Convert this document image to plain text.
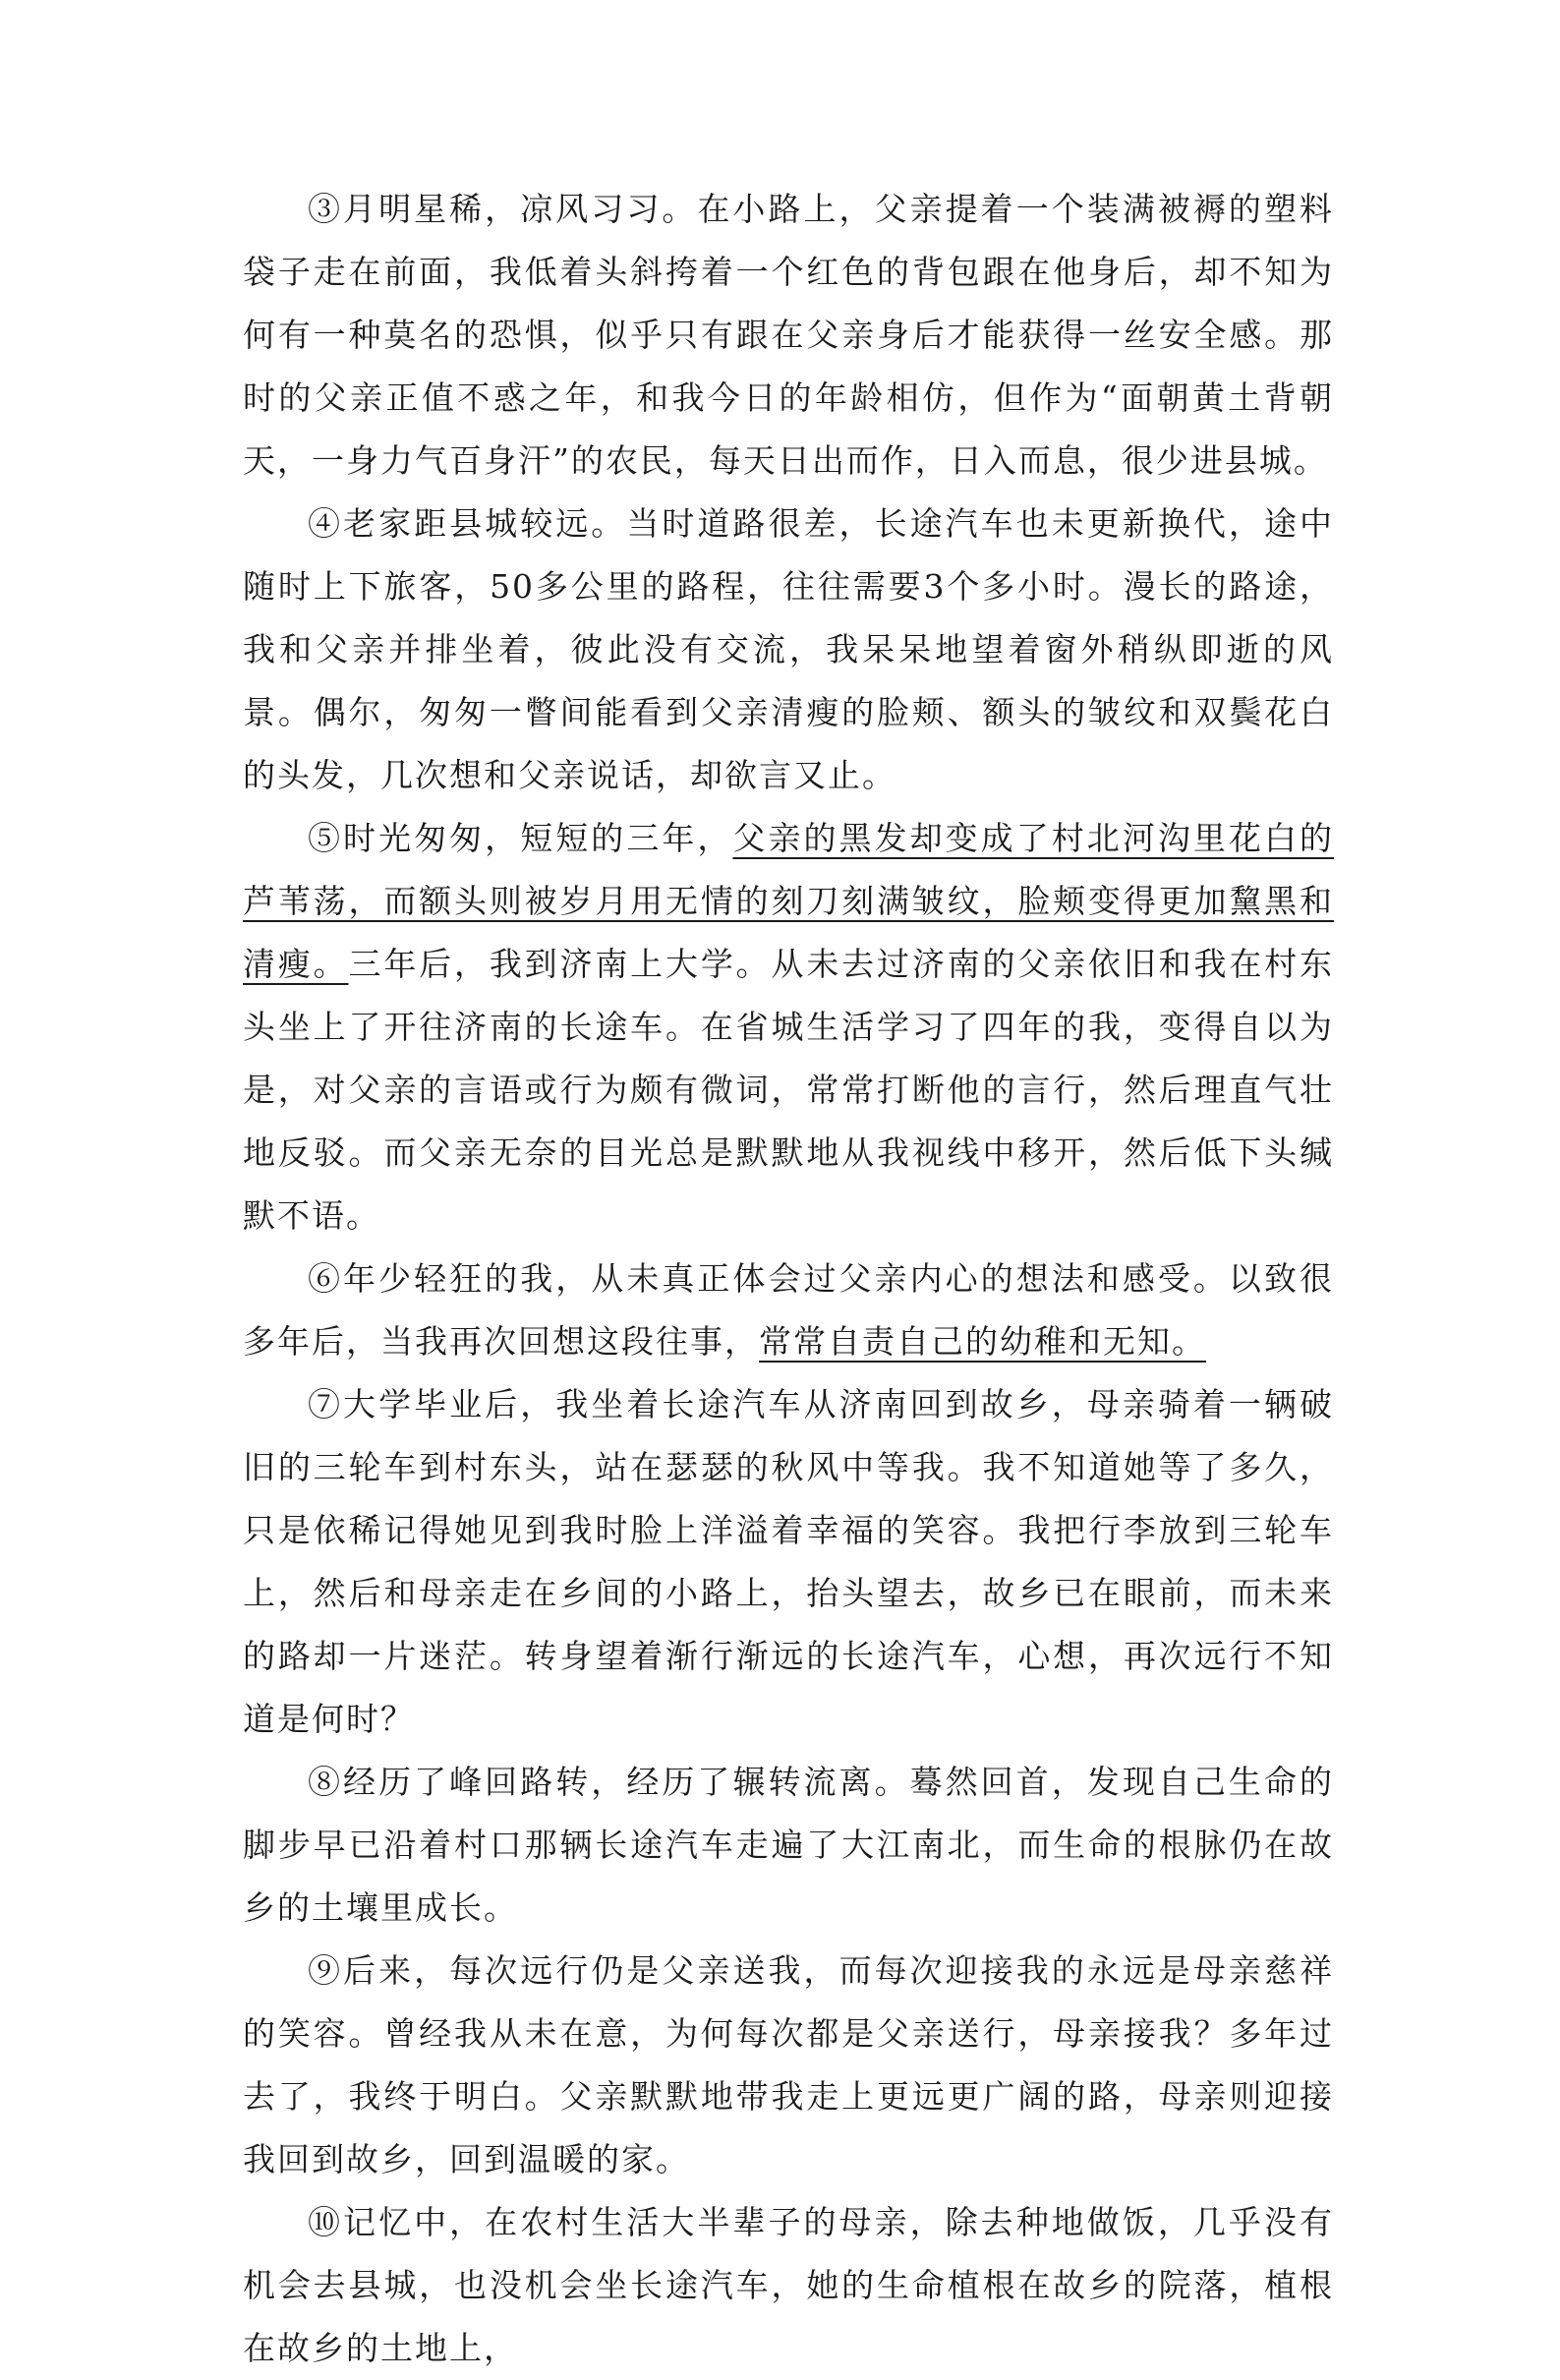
③月明星稀，凉风习习。在小路上，父亲提着一个装满被褥的塑料袋子走在前面，我低着头斜挎着一个红色的背包跟在他身后，却不知为何有一种莫名的恐惧，似乎只有跟在父亲身后才能获得一丝安全感。那时的父亲正值不惑之年，和我今日的年龄相仿，但作为“面朝黄土背朝天，一身力气百身汗”的农民，每天日出而作，日入而息，很少进县城。

④老家距县城较远。当时道路很差，长途汽车也未更新换代，途中随时上下旅客，50多公里的路程，往往需要3个多小时。漫长的路途，我和父亲并排坐着，彼此没有交流，我呆呆地望着窗外稍纵即逝的风景。偶尔，匆匆一瞥间能看到父亲清瘦的脸颊、额头的皱纹和双鬓花白的头发，几次想和父亲说话，却欲言又止。

⑤时光匆匆，短短的三年，父亲的黑发却变成了村北河沟里花白的芦苇荡，而额头则被岁月用无情的刻刀刻满皱纹，脸颊变得更加黧黑和清瘦。三年后，我到济南上大学。从未去过济南的父亲依旧和我在村东头坐上了开往济南的长途车。在省城生活学习了四年的我，变得自以为是，对父亲的言语或行为颇有微词，常常打断他的言行，然后理直气壮地反驳。而父亲无奈的目光总是默默地从我视线中移开，然后低下头缄默不语。

⑥年少轻狂的我，从未真正体会过父亲内心的想法和感受。以致很多年后，当我再次回想这段往事，常常自责自己的幼稚和无知。

⑦大学毕业后，我坐着长途汽车从济南回到故乡，母亲骑着一辆破旧的三轮车到村东头，站在瑟瑟的秋风中等我。我不知道她等了多久，只是依稀记得她见到我时脸上洋溢着幸福的笑容。我把行李放到三轮车上，然后和母亲走在乡间的小路上，抬头望去，故乡已在眼前，而未来的路却一片迷茫。转身望着渐行渐远的长途汽车，心想，再次远行不知道是何时？

⑧经历了峰回路转，经历了辗转流离。蓦然回首，发现自己生命的脚步早已沿着村口那辆长途汽车走遍了大江南北，而生命的根脉仍在故乡的土壤里成长。

⑨后来，每次远行仍是父亲送我，而每次迎接我的永远是母亲慈祥的笑容。曾经我从未在意，为何每次都是父亲送行，母亲接我？多年过去了，我终于明白。父亲默默地带我走上更远更广阔的路，母亲则迎接我回到故乡，回到温暖的家。

⑩记忆中，在农村生活大半辈子的母亲，除去种地做饭，几乎没有机会去县城，也没机会坐长途汽车，她的生命植根在故乡的院落，植根在故乡的土地上，
